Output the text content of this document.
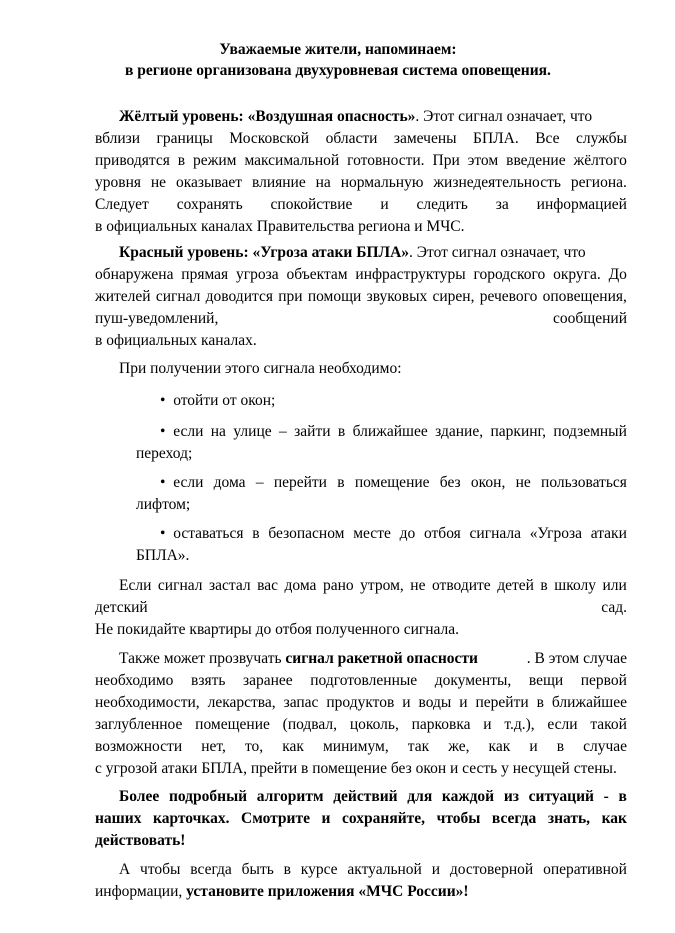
Уважаемые жители, напоминаем:
в регионе организована двухуровневая система оповещения.
Жёлтый уровень: «Воздушная опасность». Этот сигнал означает, что
вблизи границы Московской области замечены БПЛА. Все службы
приводятся в режим максимальной готовности. При этом введение жёлтого
уровня не оказывает влияние на нормальную жизнедеятельность региона.
Следует сохранять спокойствие и следить за информацией
в официальных каналах Правительства региона и МЧС.
Красный уровень: «Угроза атаки БПЛА». Этот сигнал означает, что
обнаружена прямая угроза объектам инфраструктуры городского округа. До
жителей сигнал доводится при помощи звуковых сирен, речевого оповещения,
пуш-уведомлений,	сообщений
в официальных каналах.
При получении этого сигнала необходимо:
• отойти от окон;
• если на улице – зайти в ближайшее здание, паркинг, подземный
переход;
• если дома – перейти в помещение без окон, не пользоваться
лифтом;
• оставаться в безопасном месте до отбоя сигнала «Угроза атаки
БПЛА».
Если сигнал застал вас дома рано утром, не отводите детей в школу или
детский	сад.
Не покидайте квартиры до отбоя полученного сигнала.
Также может прозвучать сигнал ракетной опасности	. В этом случае
необходимо взять заранее подготовленные документы, вещи первой
необходимости, лекарства, запас продуктов и воды и перейти в ближайшее
заглубленное помещение (подвал, цоколь, парковка и т.д.), если такой
возможности нет, то, как минимум, так же, как и в случае
с угрозой атаки БПЛА, прейти в помещение без окон и сесть у несущей стены.
Более подробный алгоритм действий для каждой из ситуаций - в
наших карточках. Смотрите и сохраняйте, чтобы всегда знать, как
действовать!
А чтобы всегда быть в курсе актуальной и достоверной оперативной
информации, установите приложения «МЧС России»!
